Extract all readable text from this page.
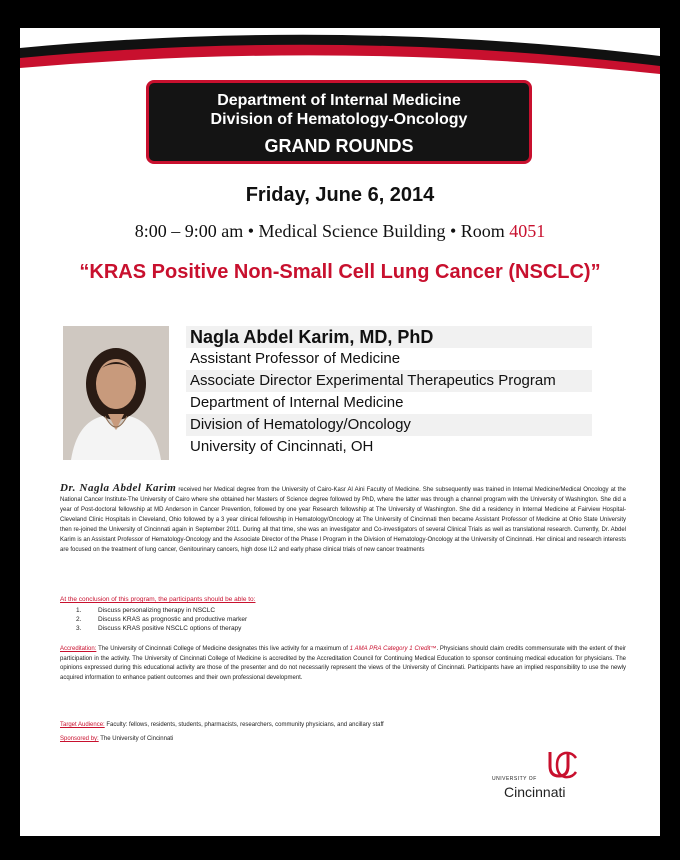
Department of Internal Medicine
Division of Hematology-Oncology
GRAND ROUNDS
Friday, June 6, 2014
8:00 – 9:00 am • Medical Science Building • Room 4051
“KRAS Positive Non-Small Cell Lung Cancer (NSCLC)”
Nagla Abdel Karim, MD, PhD
Assistant Professor of Medicine
Associate Director Experimental Therapeutics Program
Department of Internal Medicine
Division of Hematology/Oncology
University of Cincinnati, OH
Dr. Nagla Abdel Karim received her Medical degree from the University of Cairo-Kasr Al Aini Faculty of Medicine. She subsequently was trained in Internal Medicine/Medical Oncology at the National Cancer Institute-The University of Cairo where she obtained her Masters of Science degree followed by PhD, where the latter was through a channel program with the University of Washington. She did a year of Post-doctoral fellowship at MD Anderson in Cancer Prevention, followed by one year Research fellowship at The University of Washington. She did a residency in Internal Medicine at Fairview Hospital-Cleveland Clinic Hospitals in Cleveland, Ohio followed by a 3 year clinical fellowship in Hematology/Oncology at The University of Cincinnati then became Assistant Professor of Medicine at Ohio State University then re-joined the University of Cincinnati again in September 2011. During all that time, she was an investigator and Co-investigators of several Clinical Trials as well as translational research. Currently, Dr. Abdel Karim is an Assistant Professor of Hematology-Oncology and the Associate Director of the Phase I Program in the Division of Hematology-Oncology at the University of Cincinnati. Her clinical and research interests are focused on the treatment of lung cancer, Genitourinary cancers, high dose IL2 and early phase clinical trials of new cancer treatments
At the conclusion of this program, the participants should be able to:
1.	Discuss personalizing therapy in NSCLC
2.	Discuss KRAS as prognostic and productive marker
3.	Discuss KRAS positive NSCLC options of therapy
Accreditation: The University of Cincinnati College of Medicine designates this live activity for a maximum of 1 AMA PRA Category 1 Credit™. Physicians should claim credits commensurate with the extent of their participation in the activity. The University of Cincinnati College of Medicine is accredited by the Accreditation Council for Continuing Medical Education to sponsor continuing medical education for physicians. The opinions expressed during this educational activity are those of the presenter and do not necessarily represent the views of the University of Cincinnati. Participants have an implied responsibility to use the newly acquired information to enhance patient outcomes and their own professional development.
Target Audience: Faculty: fellows, residents, students, pharmacists, researchers, community physicians, and ancillary staff
Sponsored by: The University of Cincinnati
UNIVERSITY OF
Cincinnati
